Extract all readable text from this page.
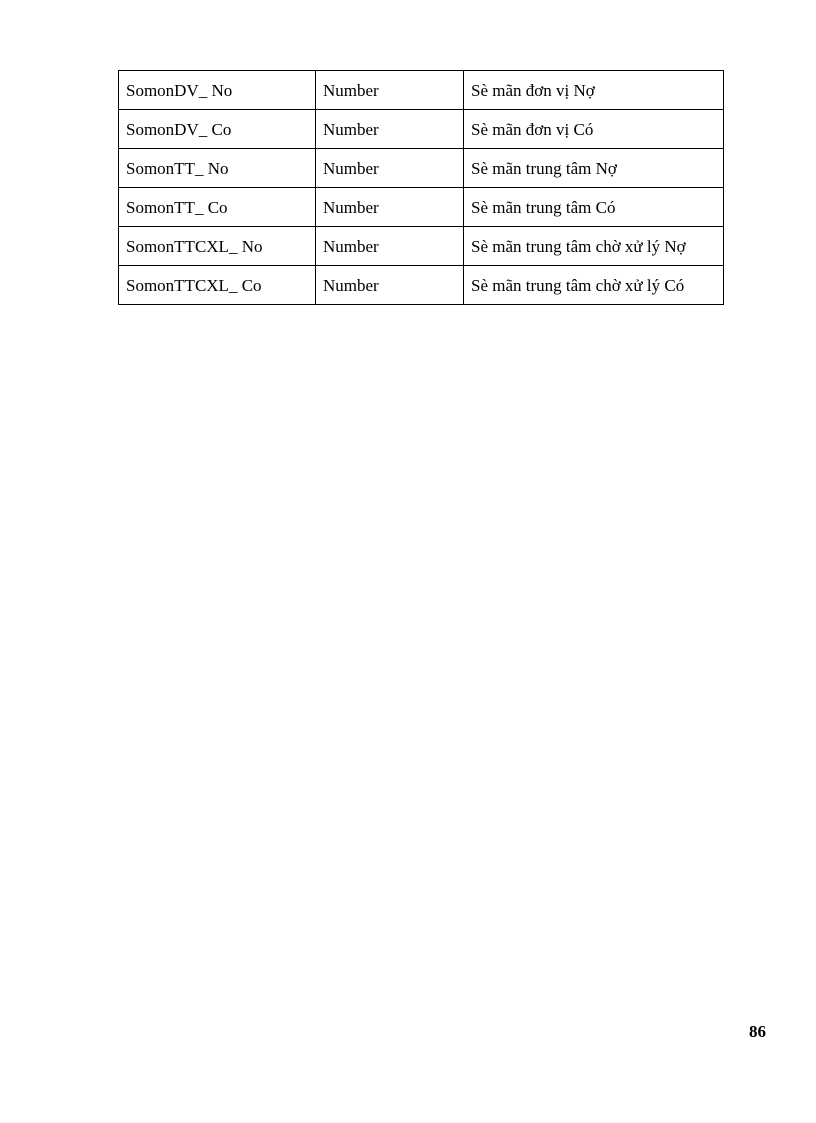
SomonDV_ No	Number	Sè mãn đơn vị Nợ
SomonDV_ Co	Number	Sè mãn đơn vị Có
SomonTT_ No	Number	Sè mãn trung tâm Nợ
SomonTT_ Co	Number	Sè mãn trung tâm Có
SomonTTCXL_ No	Number	Sè mãn trung tâm chờ xử lý Nợ
SomonTTCXL_ Co	Number	Sè mãn trung tâm chờ xử lý Có
86
